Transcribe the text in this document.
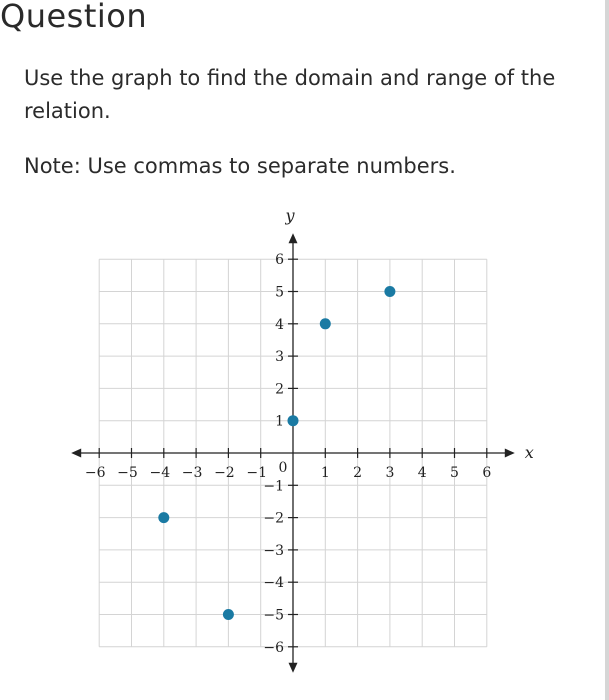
Question

Use the graph to find the domain and range of the relation.

Note: Use commas to separate numbers.

x
y
−6 −5 −4 −3 −2 −1	1 2 3 4 5 6
6
5
4
3
2
1
−1
−2
−3
−4
−5
−6
0
